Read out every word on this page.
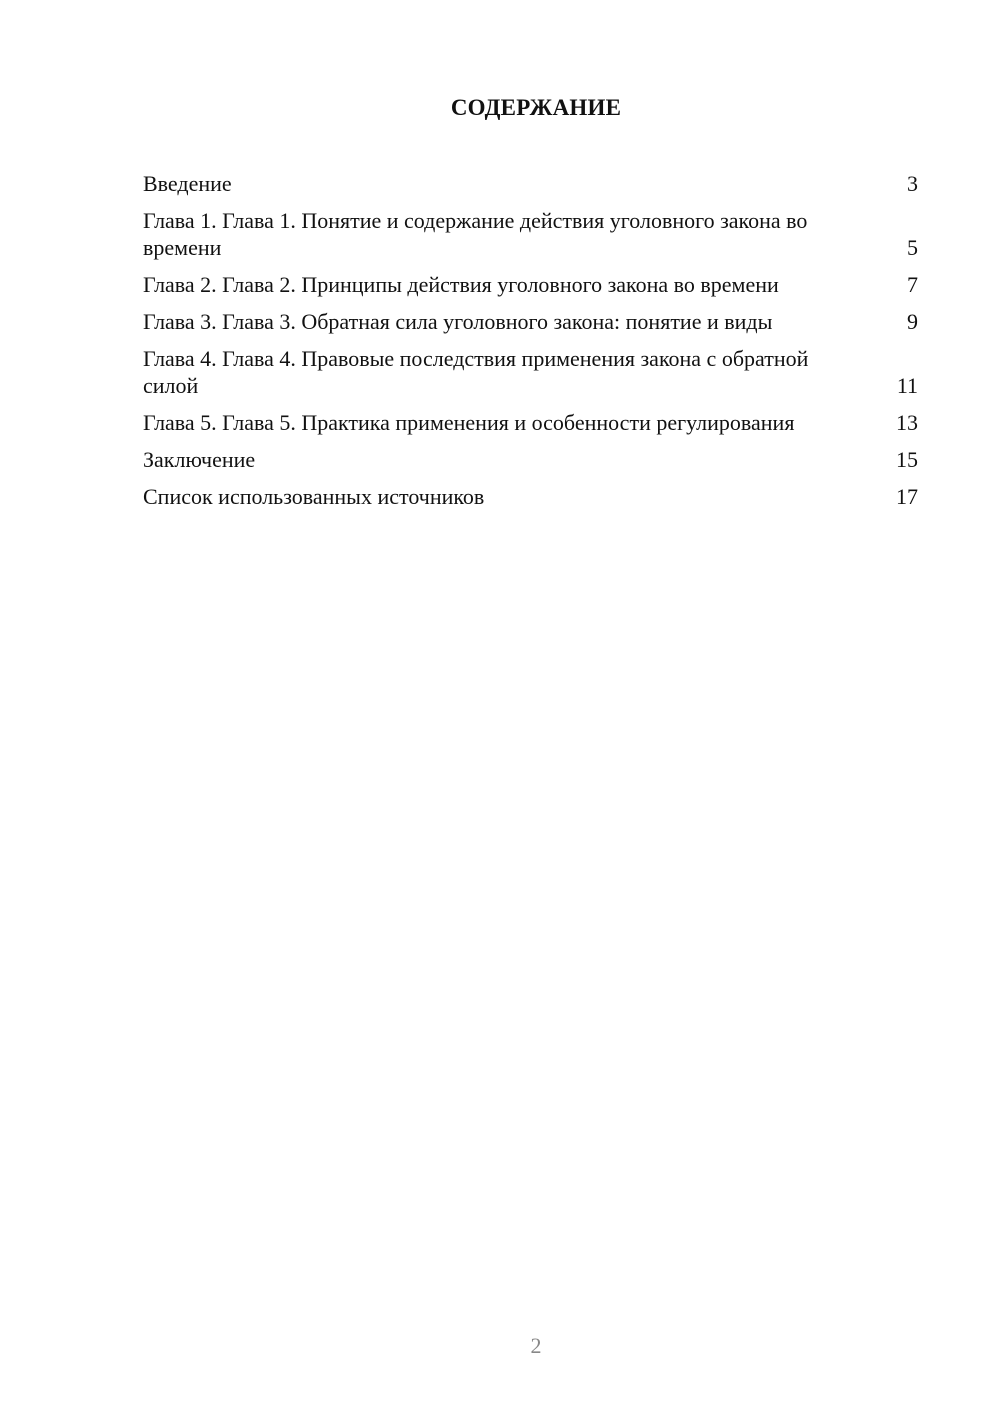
СОДЕРЖАНИЕ
Введение	3
Глава 1. Глава 1. Понятие и содержание действия уголовного закона во времени	5
Глава 2. Глава 2. Принципы действия уголовного закона во времени	7
Глава 3. Глава 3. Обратная сила уголовного закона: понятие и виды	9
Глава 4. Глава 4. Правовые последствия применения закона с обратной силой	11
Глава 5. Глава 5. Практика применения и особенности регулирования	13
Заключение	15
Список использованных источников	17
2
